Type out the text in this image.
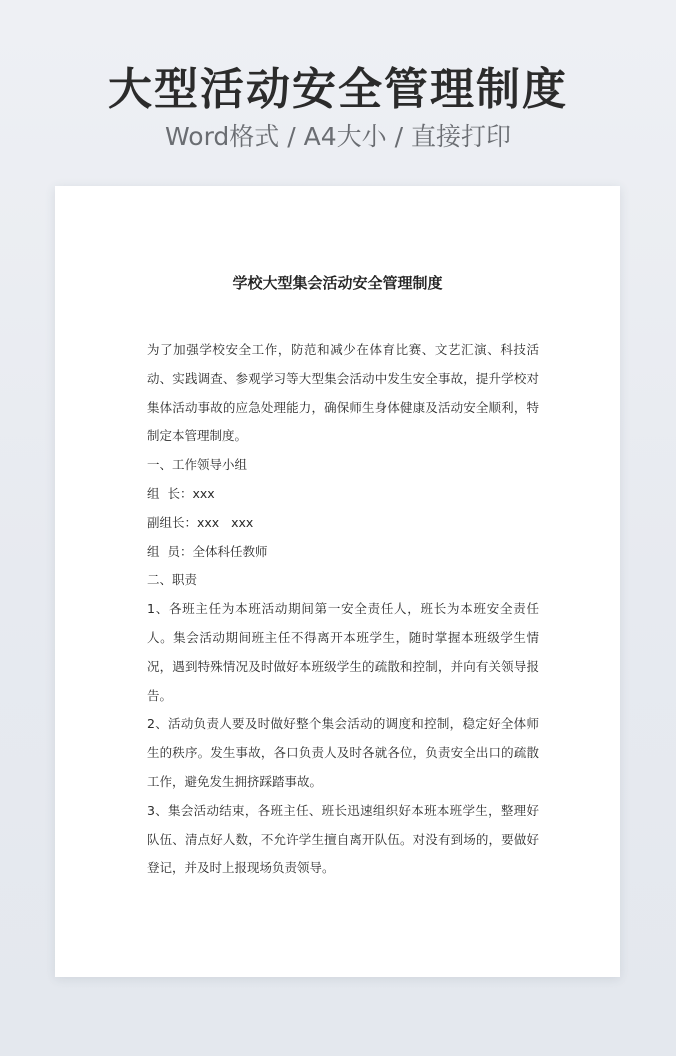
大型活动安全管理制度
Word格式 / A4大小 / 直接打印
学校大型集会活动安全管理制度

为了加强学校安全工作，防范和减少在体育比赛、文艺汇演、科技活动、实践调查、参观学习等大型集会活动中发生安全事故，提升学校对集体活动事故的应急处理能力，确保师生身体健康及活动安全顺利，特制定本管理制度。

一、工作领导小组

组  长：xxx

副组长：xxx   xxx

组  员：全体科任教师

二、职责

1、各班主任为本班活动期间第一安全责任人，班长为本班安全责任人。集会活动期间班主任不得离开本班学生，随时掌握本班级学生情况，遇到特殊情况及时做好本班级学生的疏散和控制，并向有关领导报告。

2、活动负责人要及时做好整个集会活动的调度和控制，稳定好全体师生的秩序。发生事故，各口负责人及时各就各位，负责安全出口的疏散工作，避免发生拥挤踩踏事故。

3、集会活动结束，各班主任、班长迅速组织好本班本班学生，整理好队伍、清点好人数，不允许学生擅自离开队伍。对没有到场的，要做好登记，并及时上报现场负责领导。
